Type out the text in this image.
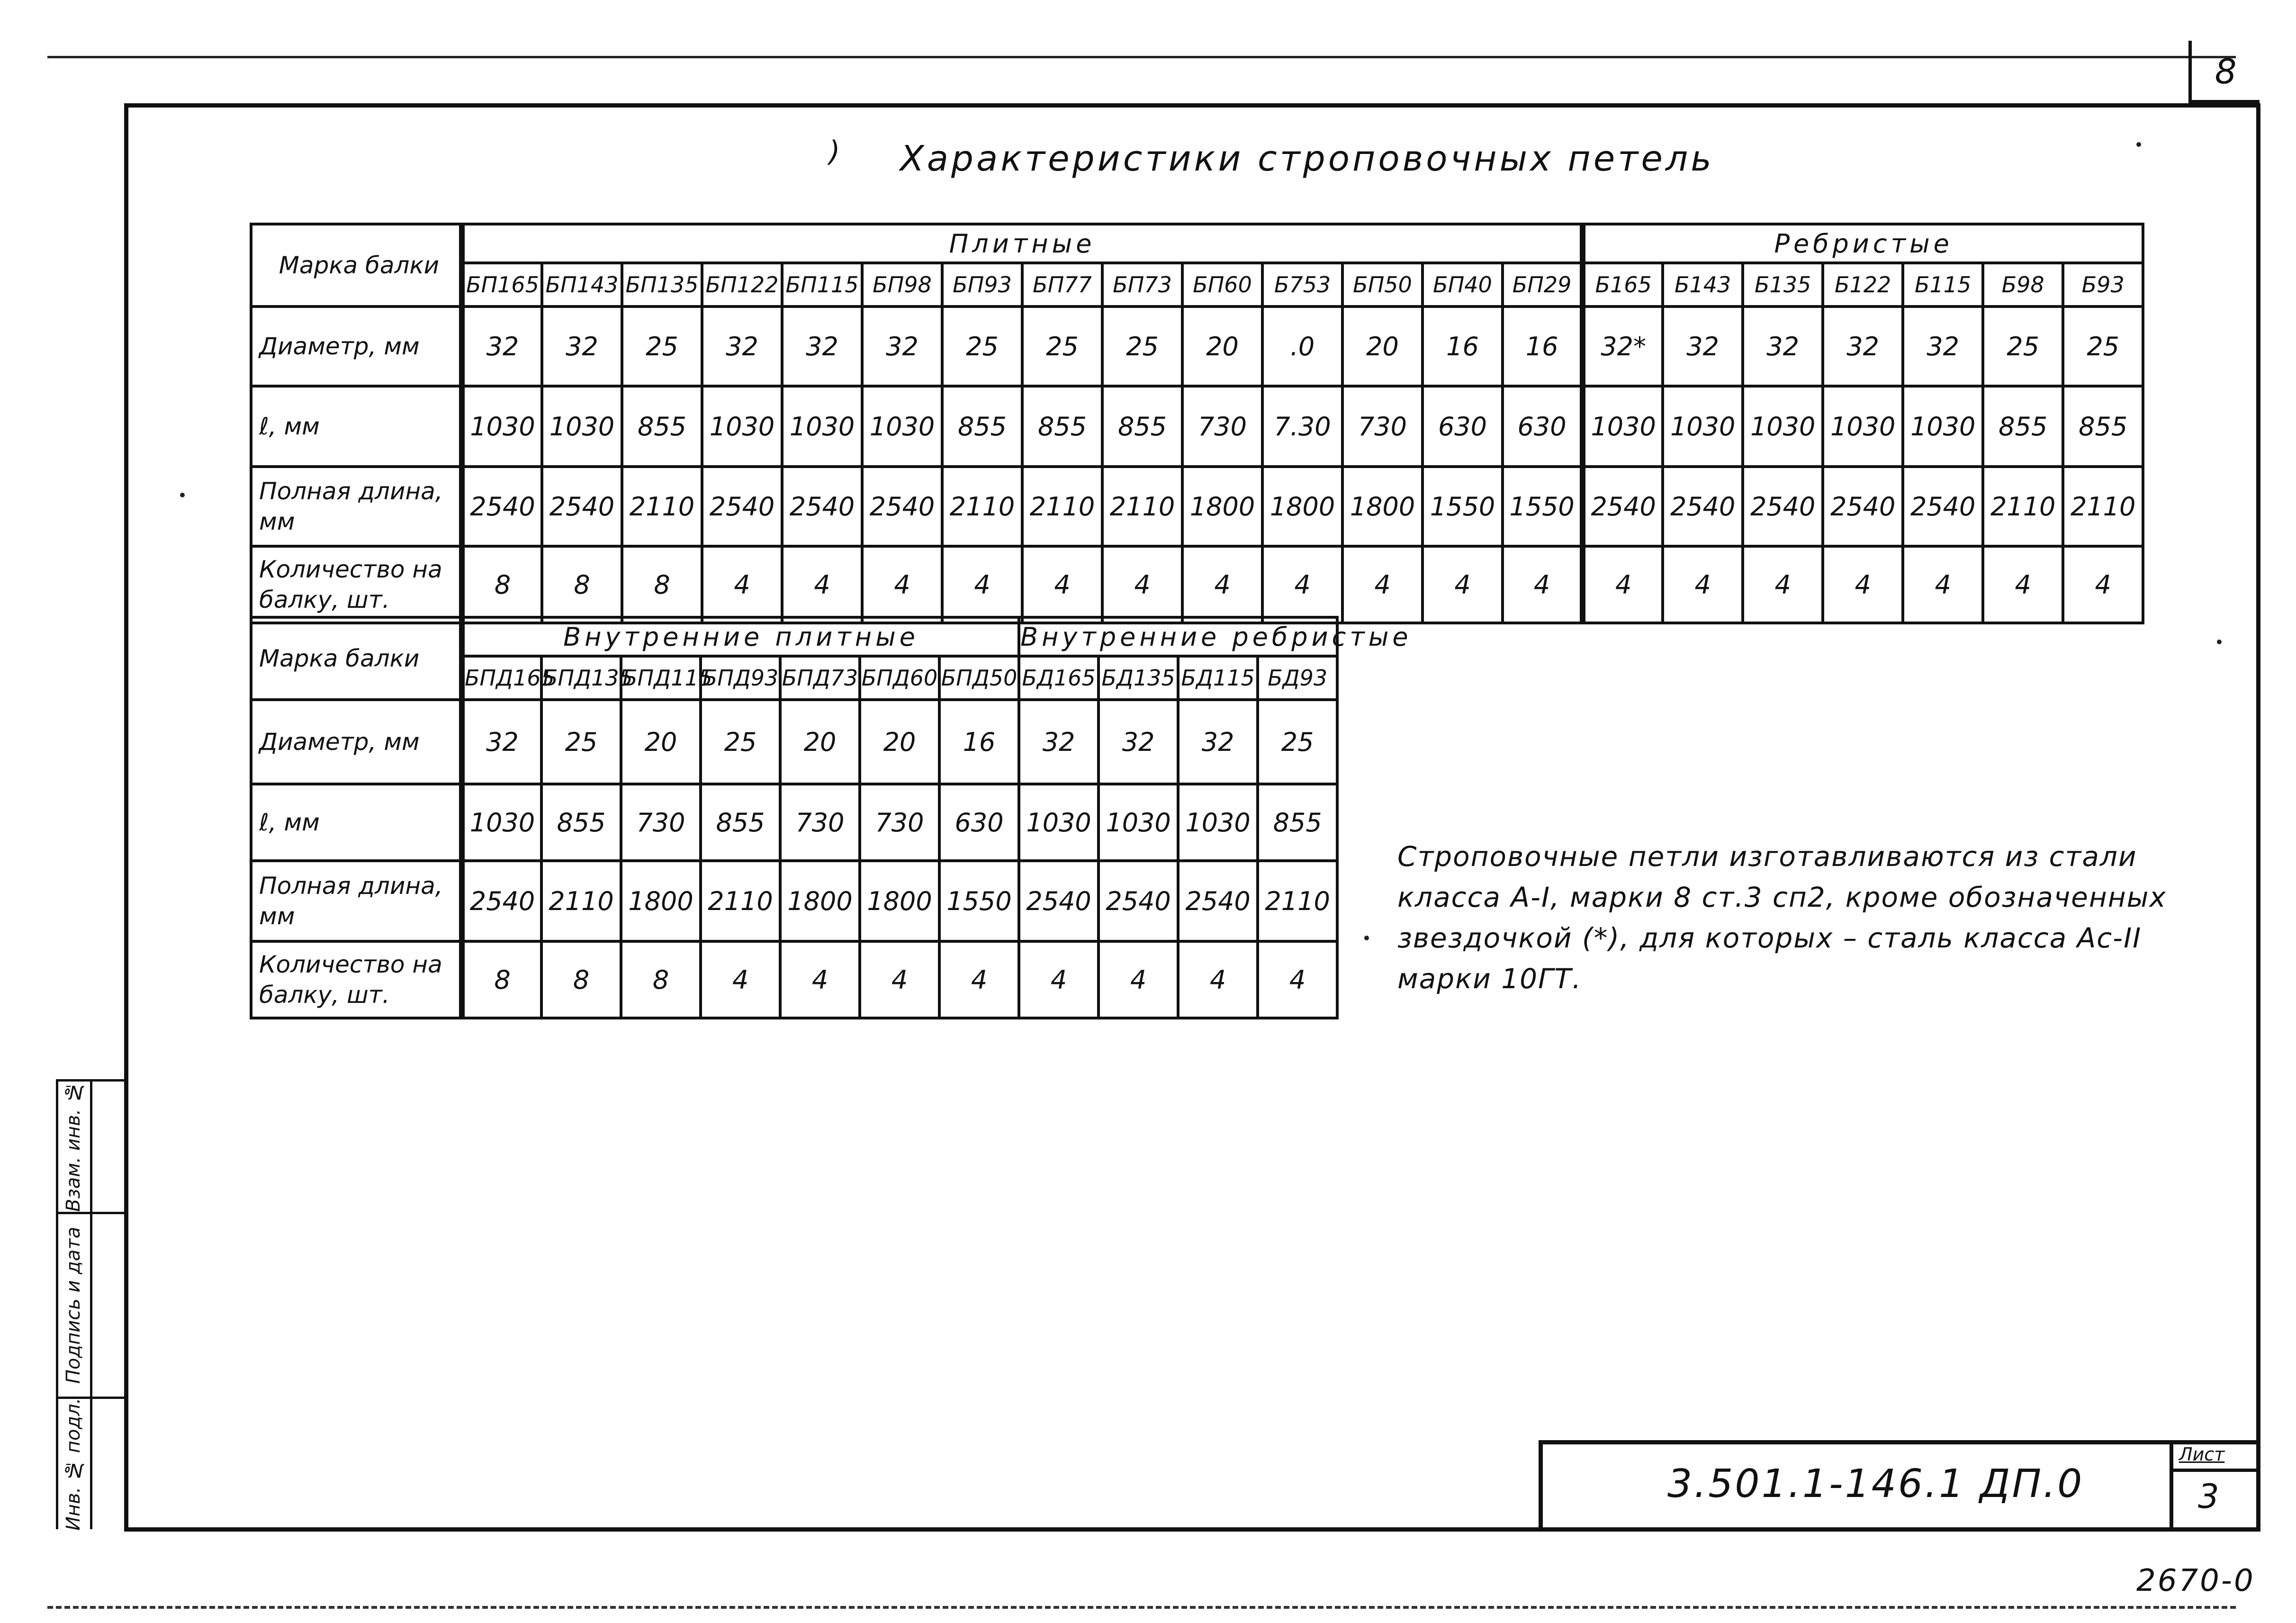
8
) Характеристики строповочных петель
Марка балки	Плитные														Ребристые						
	БП165	БП143	БП135	БП122	БП115	БП98	БП93	БП77	БП73	БП60	Б753	БП50	БП40	БП29	Б165	Б143	Б135	Б122	Б115	Б98	Б93
Диаметр, мм	32	32	25	32	32	32	25	25	25	20	.0	20	16	16	32*	32	32	32	32	25	25
ℓ, мм	1030	1030	855	1030	1030	1030	855	855	855	730	7.30	730	630	630	1030	1030	1030	1030	1030	855	855
Полная длина, мм	2540	2540	2110	2540	2540	2540	2110	2110	2110	1800	1800	1800	1550	1550	2540	2540	2540	2540	2540	2110	2110
Количество на балку, шт.	8	8	8	4	4	4	4	4	4	4	4	4	4	4	4	4	4	4	4	4	4
Марка балки	Внутренние плитные							Внутренние ребристые			
	БПД165	БПД135	БПД115	БПД93	БПД73	БПД60	БПД50	БД165	БД135	БД115	БД93
Диаметр, мм	32	25	20	25	20	20	16	32	32	32	25
ℓ, мм	1030	855	730	855	730	730	630	1030	1030	1030	855
Полная длина, мм	2540	2110	1800	2110	1800	1800	1550	2540	2540	2540	2110
Количество на балку, шт.	8	8	8	4	4	4	4	4	4	4	4
Строповочные петли изготавливаются из стали класса А-I, марки 8 ст.3 сп2, кроме обозначенных звездочкой (*), для которых – сталь класса Ас-II марки 10ГТ.
Взам. инв. №
Подпись и дата
Инв. № подл.	3.501.1-146.1 ДП.0
Лист
3
2670-0
